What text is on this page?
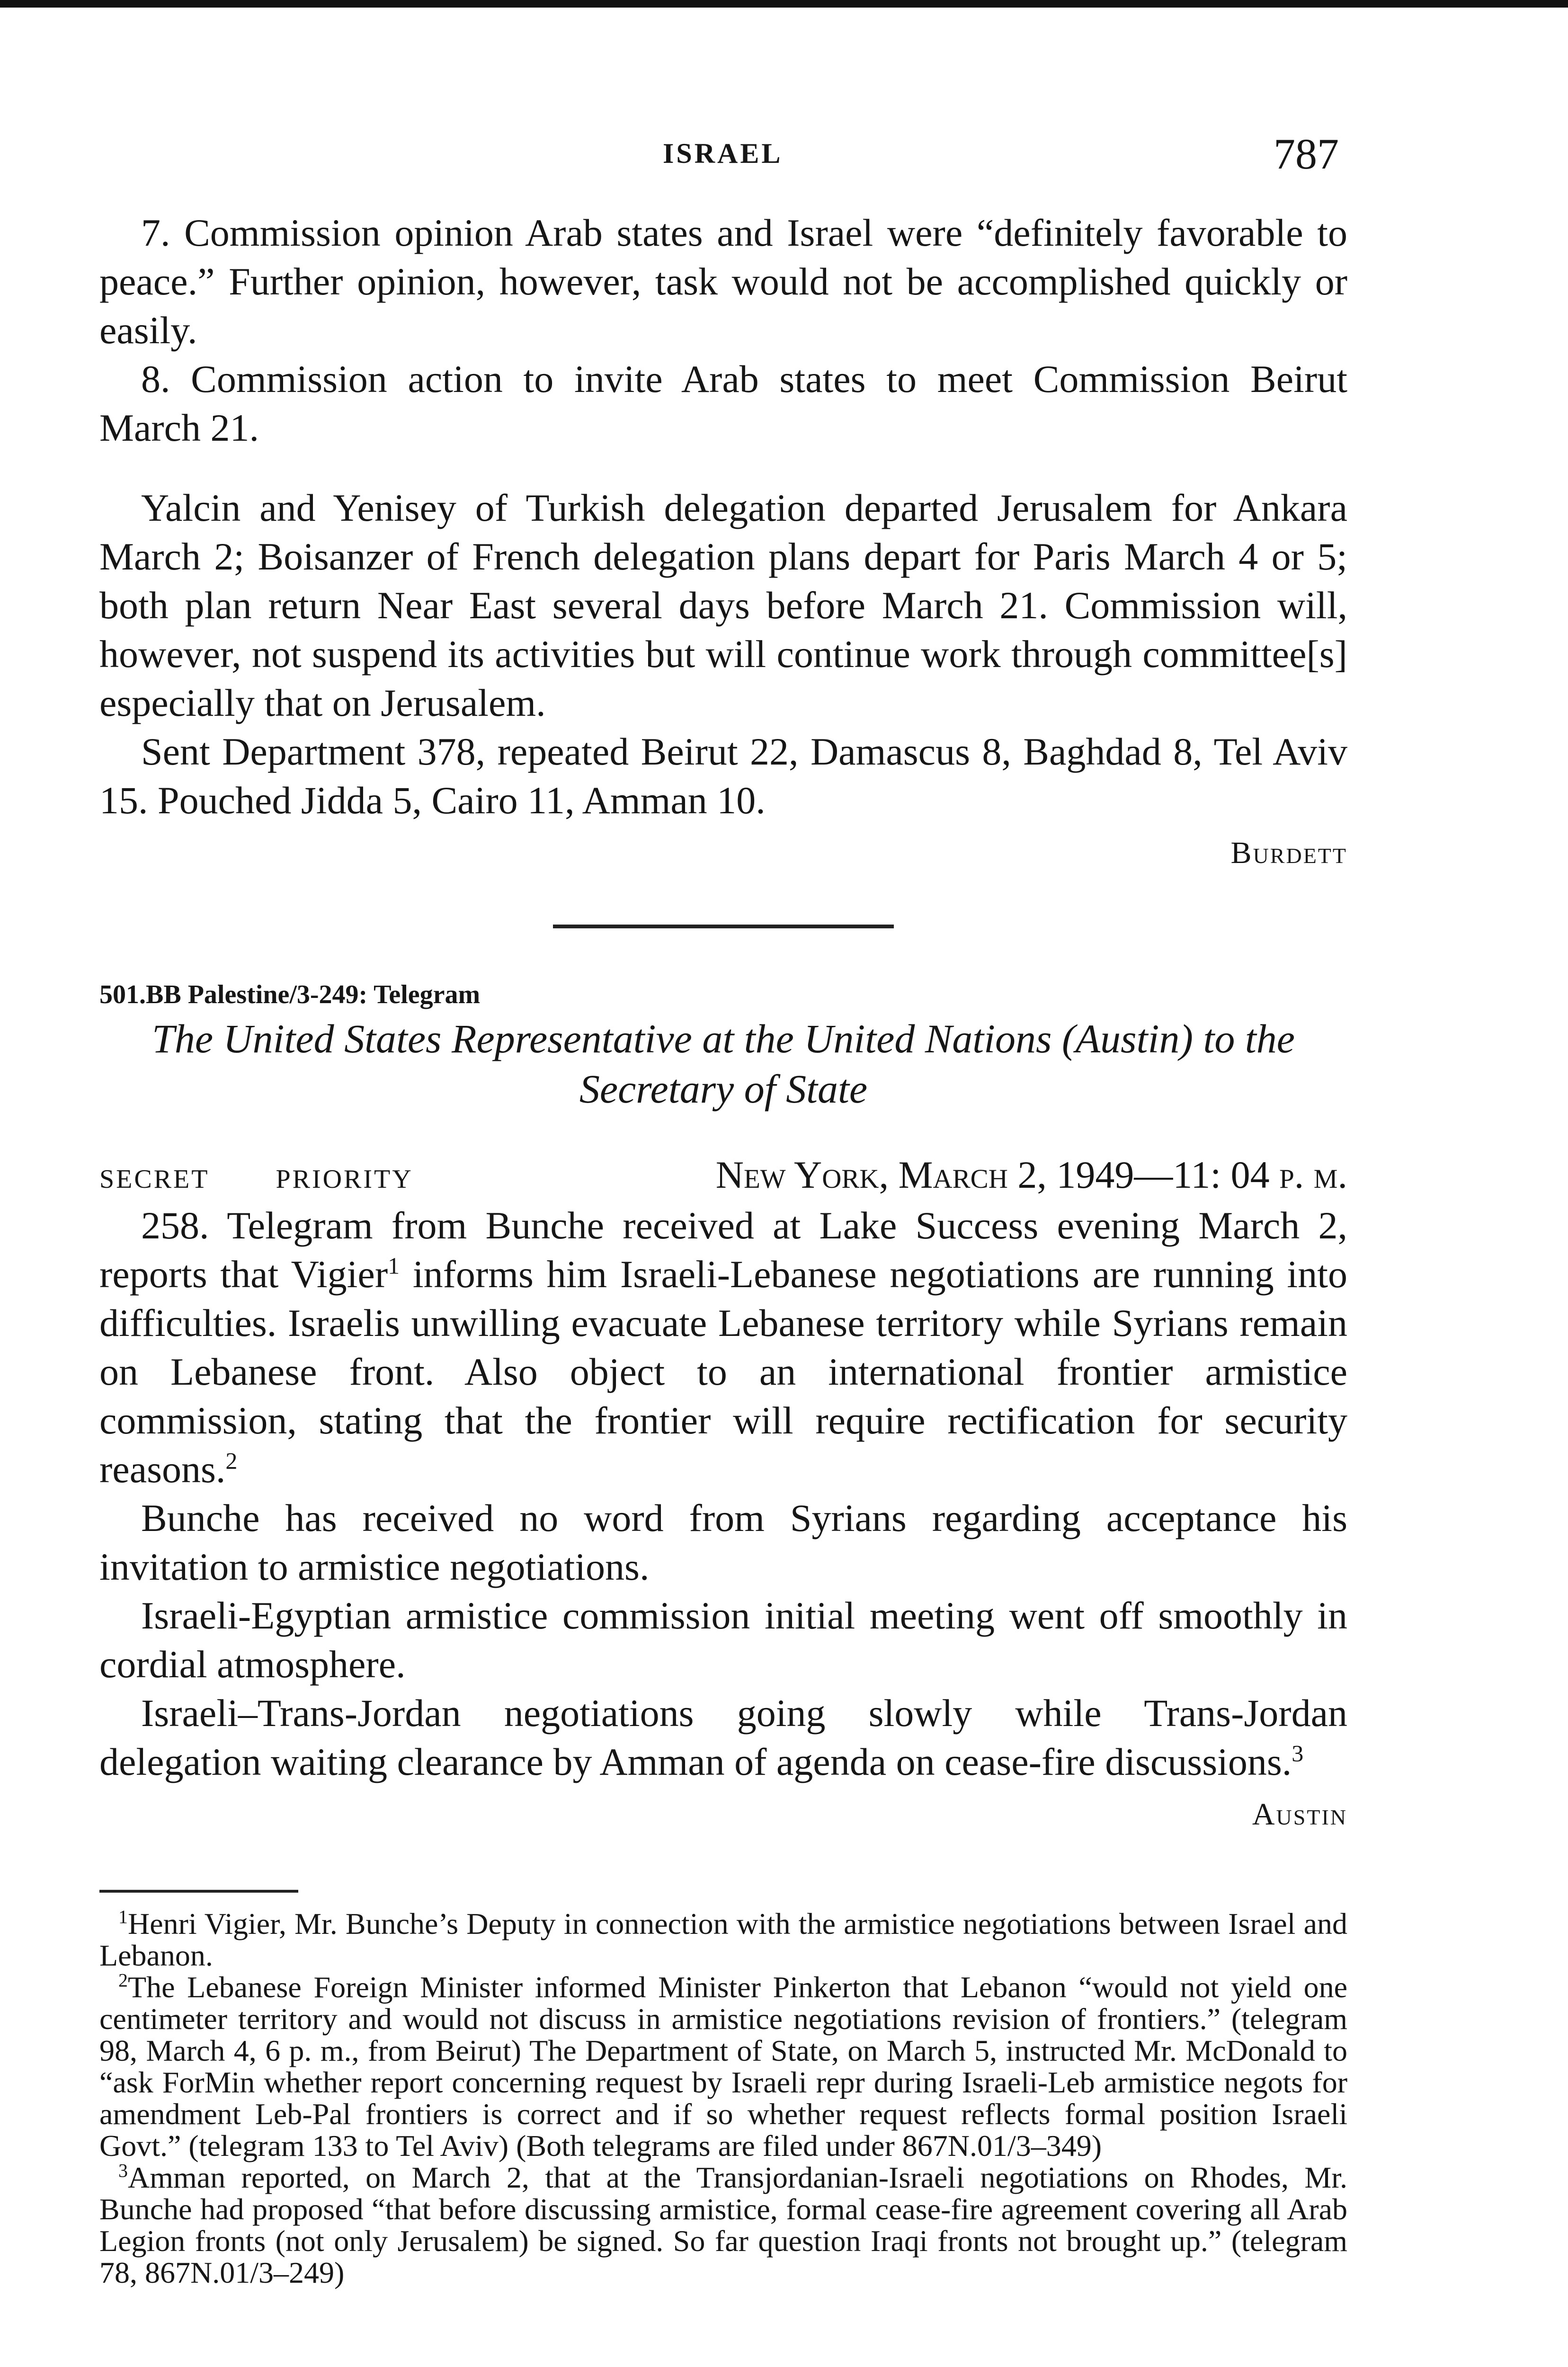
ISRAEL	787

7. Commission opinion Arab states and Israel were “definitely favorable to peace.” Further opinion, however, task would not be accomplished quickly or easily.

8. Commission action to invite Arab states to meet Commission Beirut March 21.

Yalcin and Yenisey of Turkish delegation departed Jerusalem for Ankara March 2; Boisanzer of French delegation plans depart for Paris March 4 or 5; both plan return Near East several days before March 21. Commission will, however, not suspend its activities but will continue work through committee[s] especially that on Jerusalem.

Sent Department 378, repeated Beirut 22, Damascus 8, Baghdad 8, Tel Aviv 15. Pouched Jidda 5, Cairo 11, Amman 10.

Burdett

501.BB Palestine/3-249: Telegram
The United States Representative at the United Nations (Austin) to the Secretary of State
SECRET	PRIORITY	New York, March 2, 1949—11: 04 p. m.

258. Telegram from Bunche received at Lake Success evening March 2, reports that Vigier$^1$ informs him Israeli-Lebanese negotiations are running into difficulties. Israelis unwilling evacuate Lebanese territory while Syrians remain on Lebanese front. Also object to an international frontier armistice commission, stating that the frontier will require rectification for security reasons.$^2$

Bunche has received no word from Syrians regarding acceptance his invitation to armistice negotiations.

Israeli-Egyptian armistice commission initial meeting went off smoothly in cordial atmosphere.

Israeli–Trans-Jordan negotiations going slowly while Trans-Jordan delegation waiting clearance by Amman of agenda on cease-fire discussions.$^3$

Austin

$^1$Henri Vigier, Mr. Bunche’s Deputy in connection with the armistice negotiations between Israel and Lebanon.

$^2$The Lebanese Foreign Minister informed Minister Pinkerton that Lebanon “would not yield one centimeter territory and would not discuss in armistice negotiations revision of frontiers.” (telegram 98, March 4, 6 p. m., from Beirut) The Department of State, on March 5, instructed Mr. McDonald to “ask ForMin whether report concerning request by Israeli repr during Israeli-Leb armistice negots for amendment Leb-Pal frontiers is correct and if so whether request reflects formal position Israeli Govt.” (telegram 133 to Tel Aviv) (Both telegrams are filed under 867N.01/3–349)

$^3$Amman reported, on March 2, that at the Transjordanian-Israeli negotiations on Rhodes, Mr. Bunche had proposed “that before discussing armistice, formal cease-fire agreement covering all Arab Legion fronts (not only Jerusalem) be signed. So far question Iraqi fronts not brought up.” (telegram 78, 867N.01/3–249)
